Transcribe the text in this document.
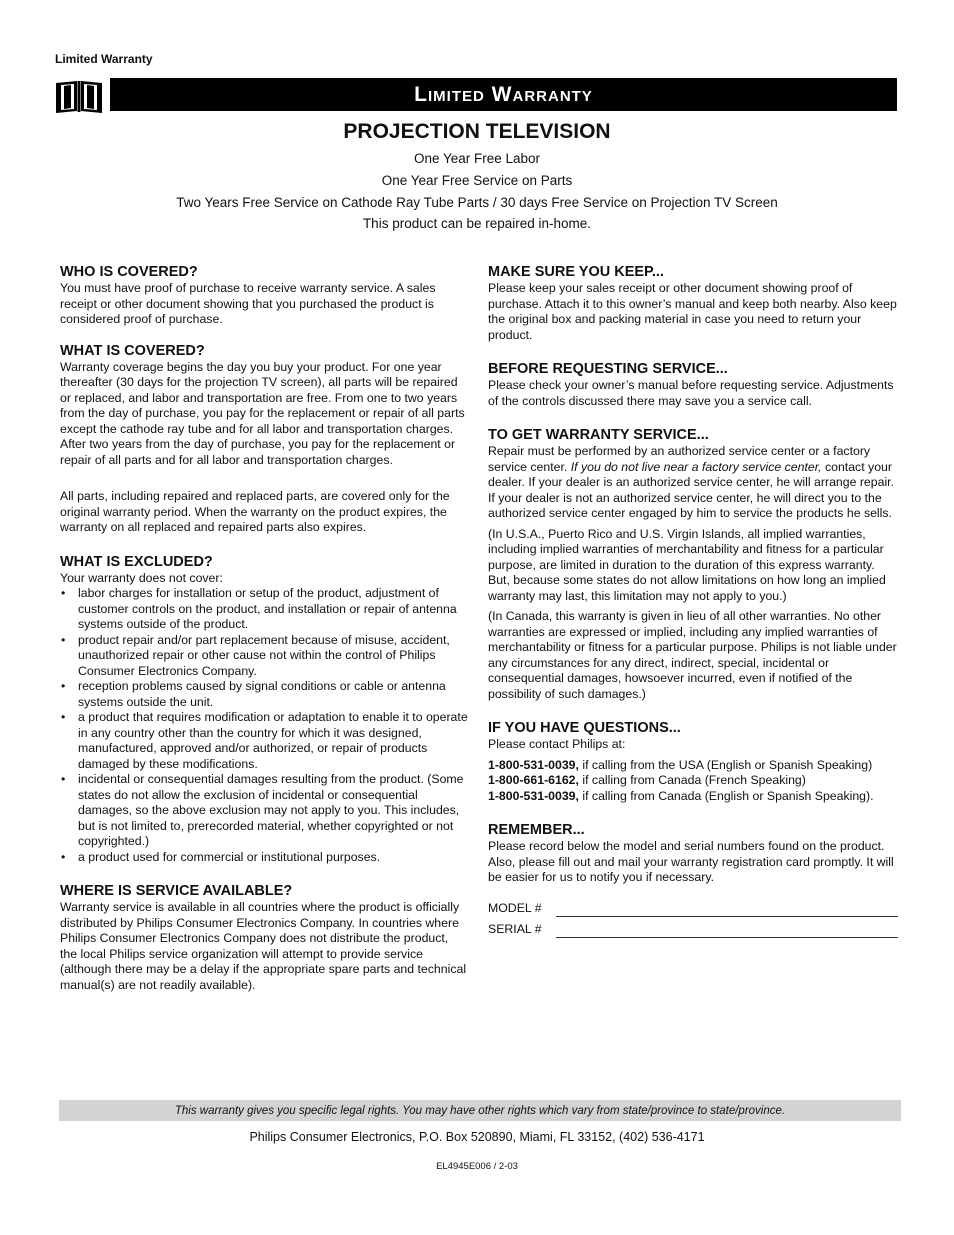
Limited Warranty
Limited Warranty
PROJECTION TELEVISION
One Year Free Labor
One Year Free Service on Parts
Two Years Free Service on Cathode Ray Tube Parts / 30 days Free Service on Projection TV Screen
This product can be repaired in-home.
WHO IS COVERED?

You must have proof of purchase to receive warranty service. A sales receipt or other document showing that you purchased the product is considered proof of purchase.

WHAT IS COVERED?

Warranty coverage begins the day you buy your product. For one year thereafter (30 days for the projection TV screen), all parts will be repaired or replaced, and labor and transportation are free. From one to two years from the day of purchase, you pay for the replacement or repair of all parts except the cathode ray tube and for all labor and transportation charges. After two years from the day of purchase, you pay for the replacement or repair of all parts and for all labor and transportation charges.

All parts, including repaired and replaced parts, are covered only for the original warranty period. When the warranty on the product expires, the warranty on all replaced and repaired parts also expires.

WHAT IS EXCLUDED?

Your warranty does not cover:

• labor charges for installation or setup of the product, adjustment of customer controls on the product, and installation or repair of antenna systems outside of the product.
• product repair and/or part replacement because of misuse, accident, unauthorized repair or other cause not within the control of Philips Consumer Electronics Company.
• reception problems caused by signal conditions or cable or antenna systems outside the unit.
• a product that requires modification or adaptation to enable it to operate in any country other than the country for which it was designed, manufactured, approved and/or authorized, or repair of products damaged by these modifications.
• incidental or consequential damages resulting from the product. (Some states do not allow the exclusion of incidental or consequential damages, so the above exclusion may not apply to you. This includes, but is not limited to, prerecorded material, whether copyrighted or not copyrighted.)
• a product used for commercial or institutional purposes.
WHERE IS SERVICE AVAILABLE?

Warranty service is available in all countries where the product is officially distributed by Philips Consumer Electronics Company. In countries where Philips Consumer Electronics Company does not distribute the product, the local Philips service organization will attempt to provide service (although there may be a delay if the appropriate spare parts and technical manual(s) are not readily available).

MAKE SURE YOU KEEP...

Please keep your sales receipt or other document showing proof of purchase. Attach it to this owner’s manual and keep both nearby. Also keep the original box and packing material in case you need to return your product.

BEFORE REQUESTING SERVICE...

Please check your owner’s manual before requesting service. Adjustments of the controls discussed there may save you a service call.

TO GET WARRANTY SERVICE...

Repair must be performed by an authorized service center or a factory service center. If you do not live near a factory service center, contact your dealer. If your dealer is an authorized service center, he will arrange repair. If your dealer is not an authorized service center, he will direct you to the authorized service center engaged by him to service the products he sells.

(In U.S.A., Puerto Rico and U.S. Virgin Islands, all implied warranties, including implied warranties of merchantability and fitness for a particular purpose, are limited in duration to the duration of this express warranty. But, because some states do not allow limitations on how long an implied warranty may last, this limitation may not apply to you.)

(In Canada, this warranty is given in lieu of all other warranties. No other warranties are expressed or implied, including any implied warranties of merchantability or fitness for a particular purpose. Philips is not liable under any circumstances for any direct, indirect, special, incidental or consequential damages, howsoever incurred, even if notified of the possibility of such damages.)

IF YOU HAVE QUESTIONS...

Please contact Philips at:

1-800-531-0039, if calling from the USA (English or Spanish Speaking)

1-800-661-6162, if calling from Canada (French Speaking)

1-800-531-0039, if calling from Canada (English or Spanish Speaking).

REMEMBER...

Please record below the model and serial numbers found on the product. Also, please fill out and mail your warranty registration card promptly. It will be easier for us to notify you if necessary.

MODEL #
SERIAL #
This warranty gives you specific legal rights. You may have other rights which vary from state/province to state/province.
Philips Consumer Electronics, P.O. Box 520890, Miami, FL 33152, (402) 536-4171
EL4945E006 / 2-03
